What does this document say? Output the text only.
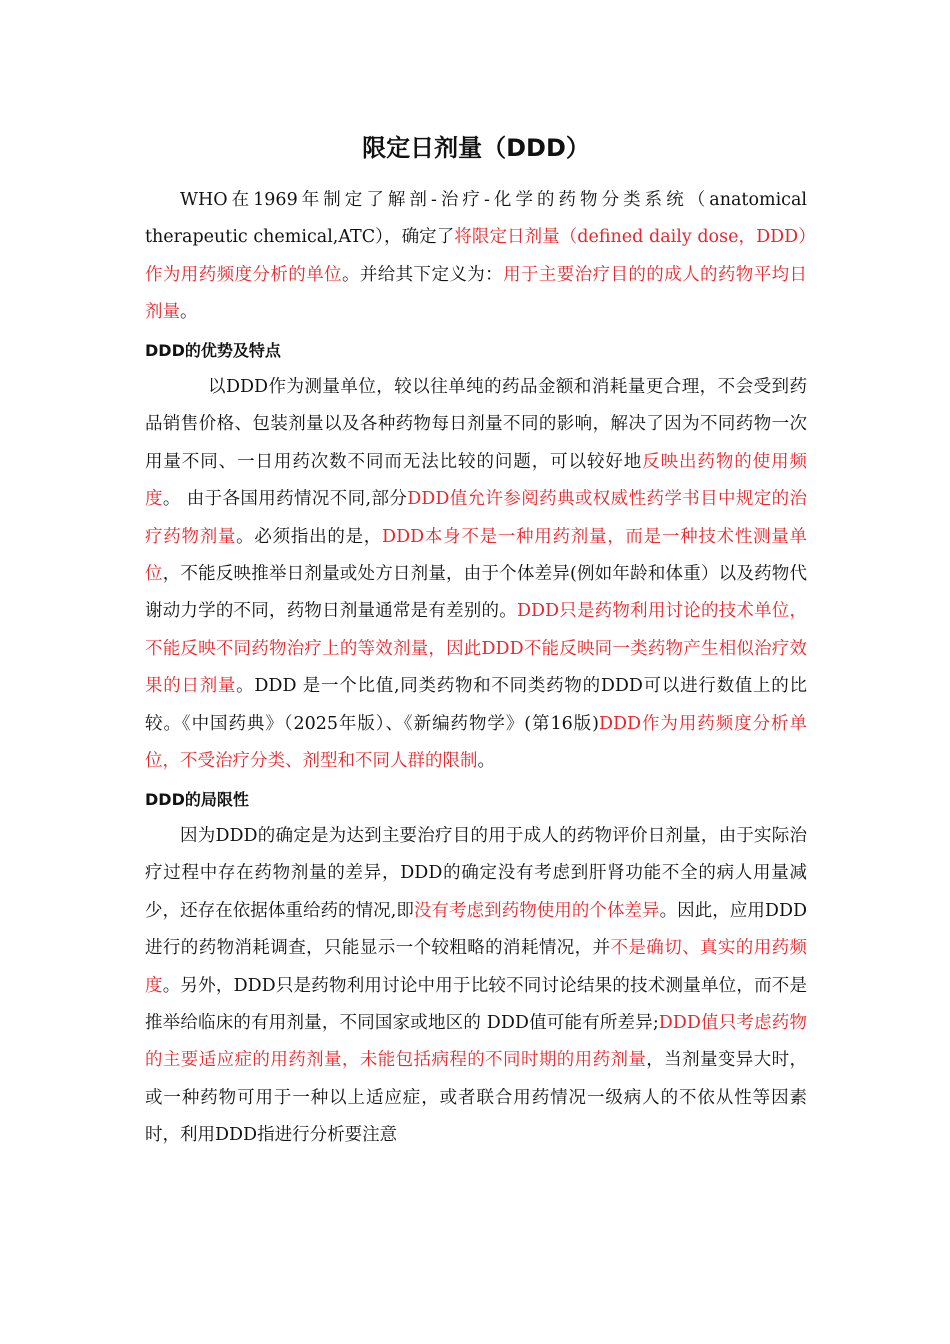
限定日剂量（DDD）

WHO在1969年制定了解剖-治疗-化学的药物分类系统（anatomical therapeutic chemical,ATC），确定了将限定日剂量（defined daily dose，DDD）作为用药频度分析的单位。并给其下定义为：用于主要治疗目的的成人的药物平均日剂量。

DDD的优势及特点

以DDD作为测量单位，较以往单纯的药品金额和消耗量更合理，不会受到药品销售价格、包装剂量以及各种药物每日剂量不同的影响，解决了因为不同药物一次用量不同、一日用药次数不同而无法比较的问题，可以较好地反映出药物的使用频度。 由于各国用药情况不同,部分DDD值允许参阅药典或权威性药学书目中规定的治疗药物剂量。必须指出的是，DDD本身不是一种用药剂量，而是一种技术性测量单位，不能反映推举日剂量或处方日剂量，由于个体差异(例如年龄和体重）以及药物代谢动力学的不同，药物日剂量通常是有差别的。DDD只是药物利用讨论的技术单位，不能反映不同药物治疗上的等效剂量，因此DDD不能反映同一类药物产生相似治疗效果的日剂量。DDD 是一个比值,同类药物和不同类药物的DDD可以进行数值上的比较。《中国药典》（2025年版）、《新编药物学》(第16版)DDD作为用药频度分析单位，不受治疗分类、剂型和不同人群的限制。

DDD的局限性

因为DDD的确定是为达到主要治疗目的用于成人的药物评价日剂量，由于实际治疗过程中存在药物剂量的差异，DDD的确定没有考虑到肝肾功能不全的病人用量减少，还存在依据体重给药的情况,即没有考虑到药物使用的个体差异。因此，应用DDD进行的药物消耗调查，只能显示一个较粗略的消耗情况，并不是确切、真实的用药频度。另外，DDD只是药物利用讨论中用于比较不同讨论结果的技术测量单位，而不是推举给临床的有用剂量，不同国家或地区的 DDD值可能有所差异;DDD值只考虑药物的主要适应症的用药剂量，未能包括病程的不同时期的用药剂量，当剂量变异大时，或一种药物可用于一种以上适应症，或者联合用药情况一级病人的不依从性等因素时，利用DDD指进行分析要注意
